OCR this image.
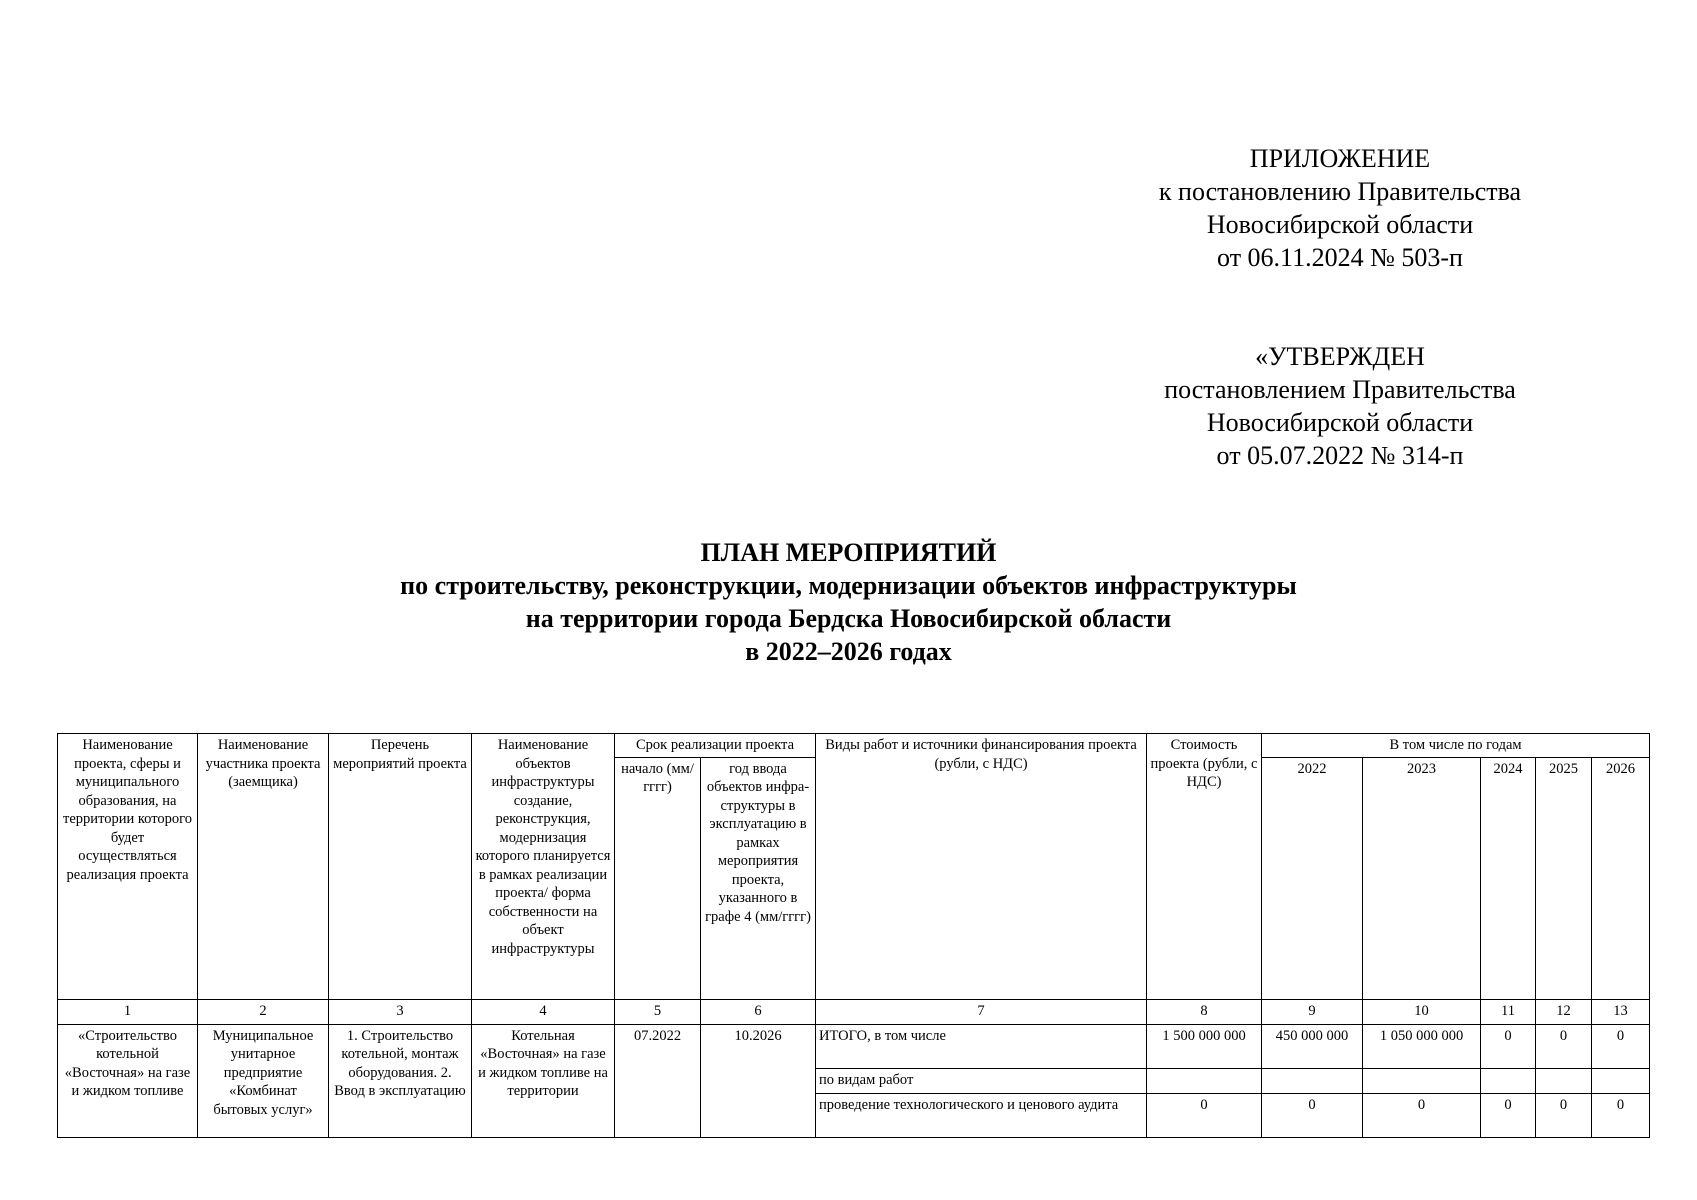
ПРИЛОЖЕНИЕ
к постановлению Правительства
Новосибирской области
от 06.11.2024 № 503-п
«УТВЕРЖДЕН
постановлением Правительства
Новосибирской области
от 05.07.2022 № 314-п
ПЛАН МЕРОПРИЯТИЙ
по строительству, реконструкции, модернизации объектов инфраструктуры
на территории города Бердска Новосибирской области
в 2022–2026 годах
Наименование проекта, сферы и муниципального образования, на территории которого будет осуществляться реализация проекта	Наименование участника проекта (заемщика)	Перечень мероприятий проекта	Наименование объектов инфраструктуры создание, реконструкция, модернизация которого планируется в рамках реализации проекта/ форма собственности на объект инфраструктуры	Срок реализации проекта		Виды работ и источники финансирования проекта (рубли, с НДС)	Стоимость проекта (рубли, с НДС)	В том числе по годам				
				начало (мм/гггг)	год ввода объектов инфра-структуры в эксплуатацию в рамках мероприятия проекта, указанного в графе 4 (мм/гггг)			2022	2023	2024	2025	2026
1	2	3	4	5	6	7	8	9	10	11	12	13
«Строительство котельной «Восточная» на газе и жидком топливе	Муниципальное унитарное предприятие «Комбинат бытовых услуг»	1. Строительство котельной, монтаж оборудования. 2. Ввод в эксплуатацию	Котельная «Восточная» на газе и жидком топливе на территории	07.2022	10.2026	ИТОГО, в том числе	1 500 000 000	450 000 000	1 050 000 000	0	0	0
						по видам работ						
						проведение технологического и ценового аудита	0	0	0	0	0	0
